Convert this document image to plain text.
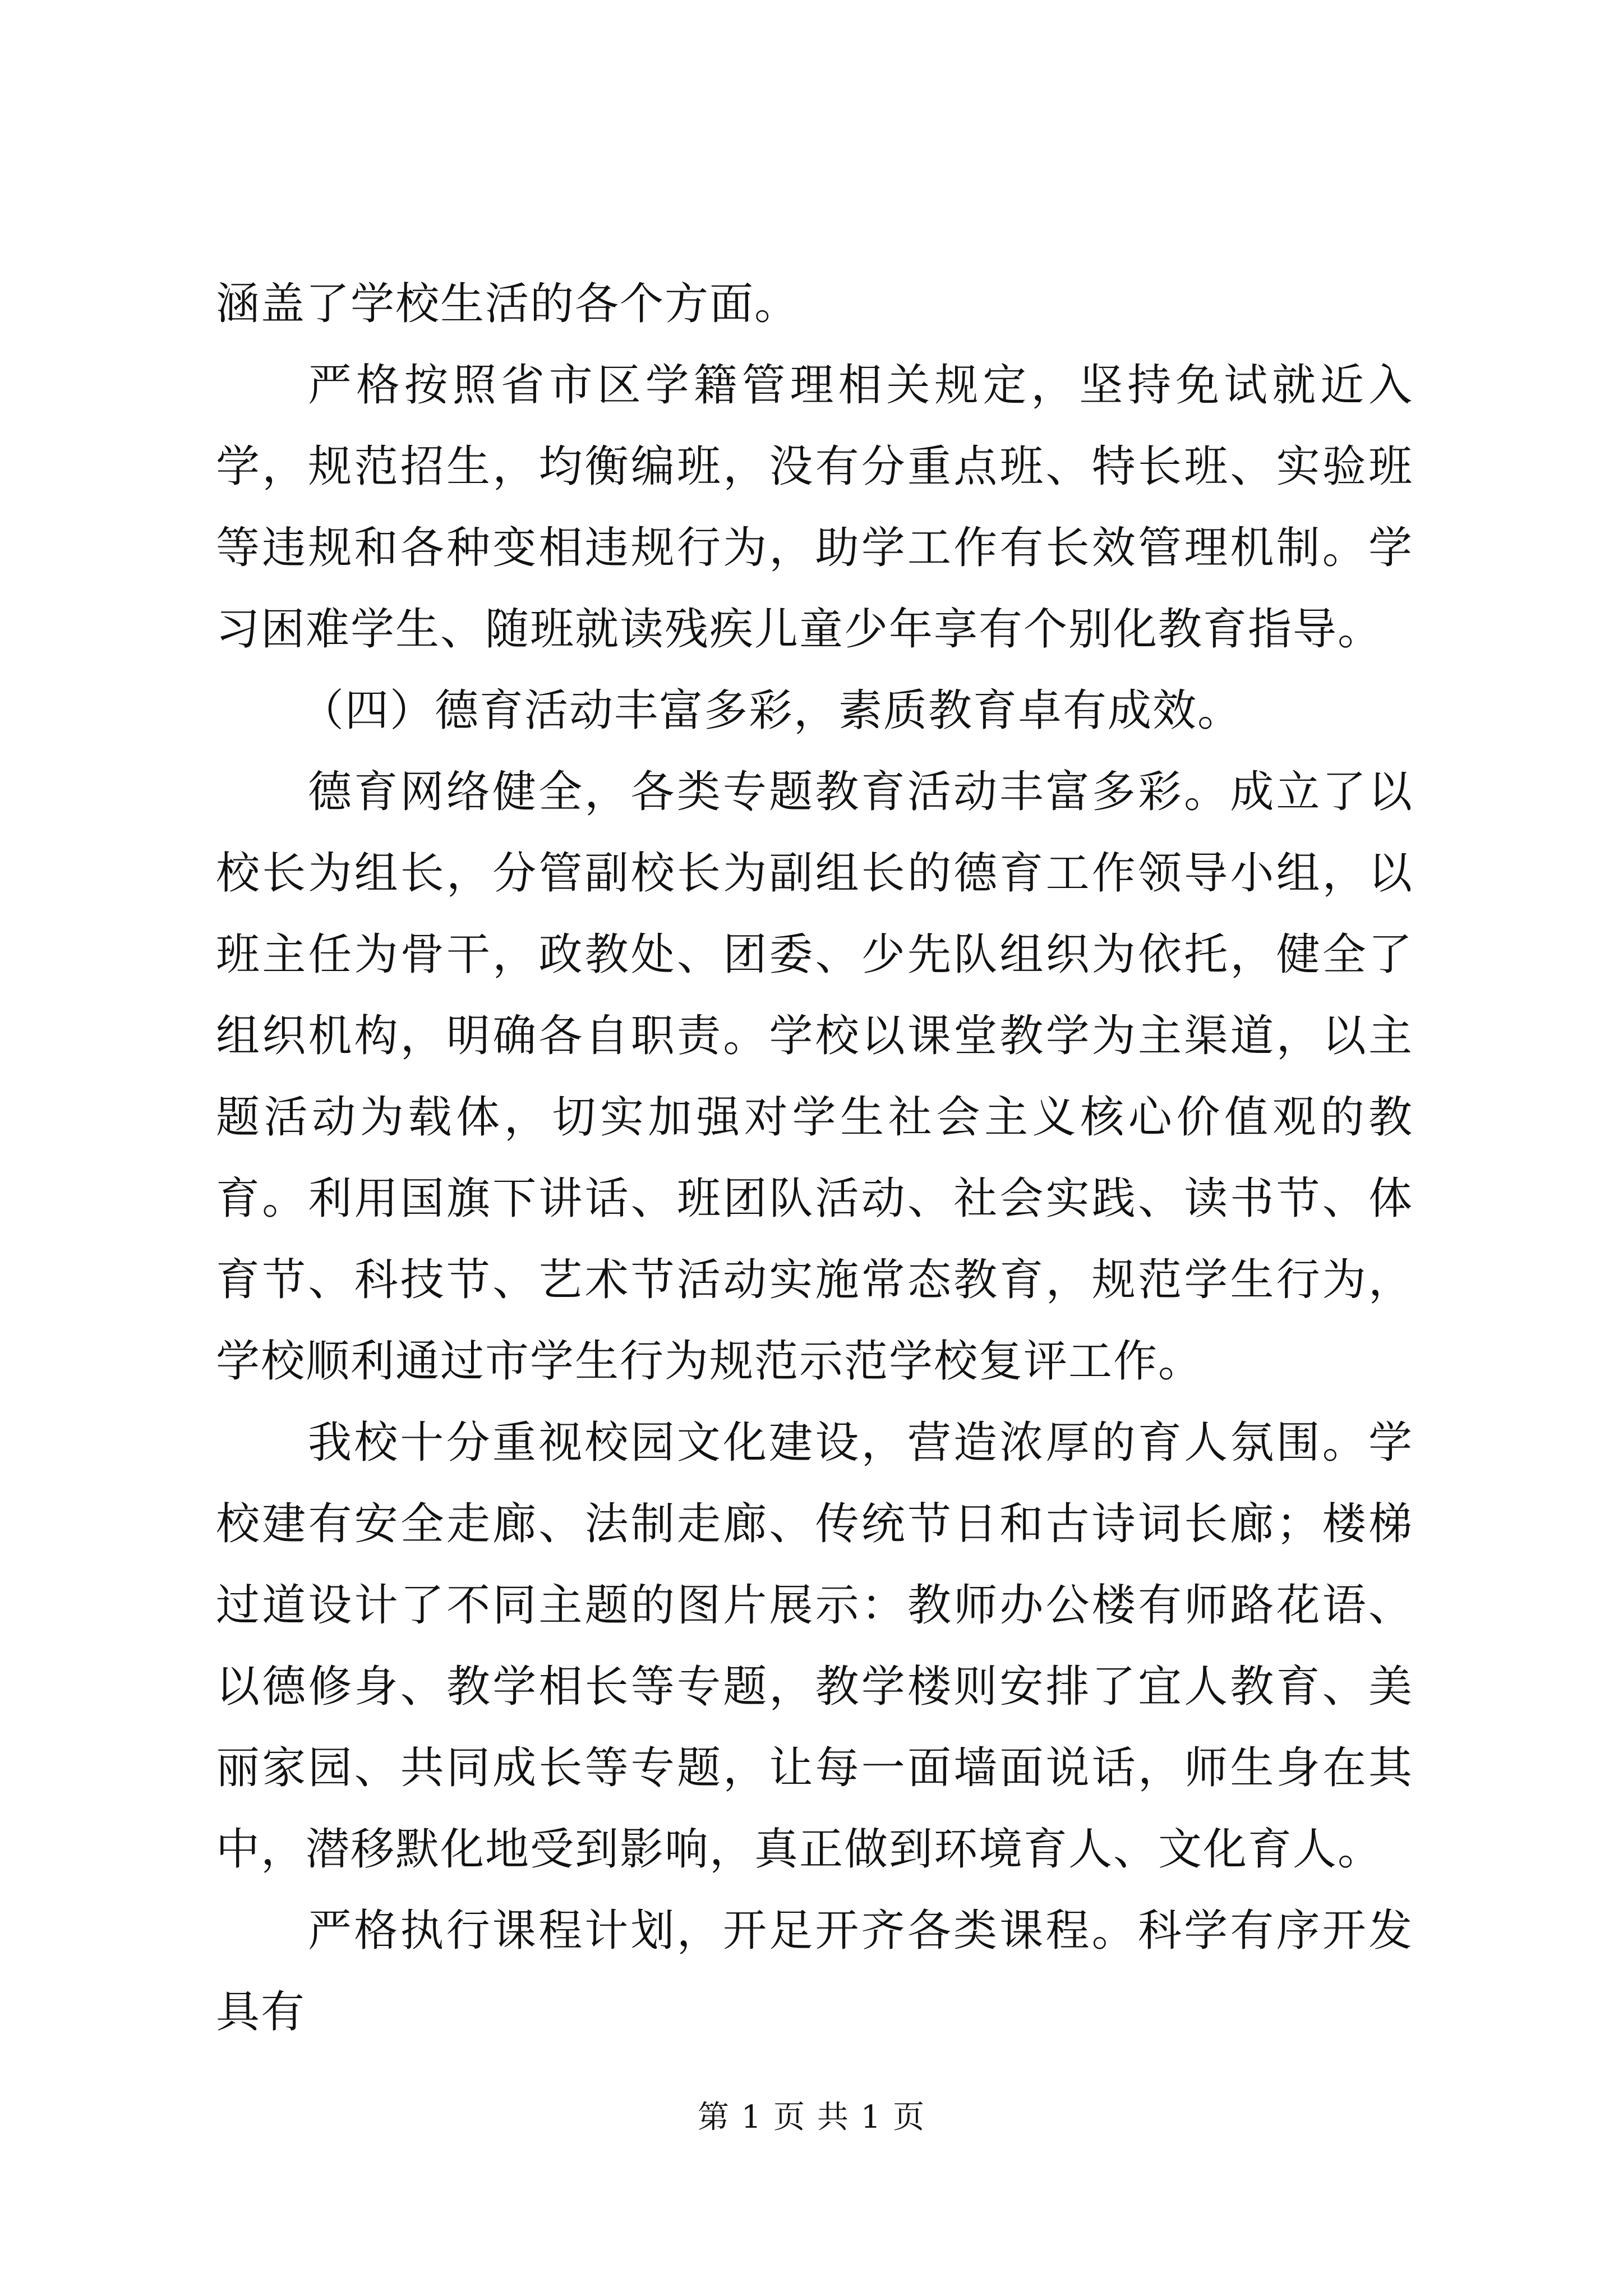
涵盖了学校生活的各个方面。

严格按照省市区学籍管理相关规定，坚持免试就近入学，规范招生，均衡编班，没有分重点班、特长班、实验班等违规和各种变相违规行为，助学工作有长效管理机制。学习困难学生、随班就读残疾儿童少年享有个别化教育指导。

（四）德育活动丰富多彩，素质教育卓有成效。

德育网络健全，各类专题教育活动丰富多彩。成立了以校长为组长，分管副校长为副组长的德育工作领导小组，以班主任为骨干，政教处、团委、少先队组织为依托，健全了组织机构，明确各自职责。学校以课堂教学为主渠道，以主题活动为载体，切实加强对学生社会主义核心价值观的教育。利用国旗下讲话、班团队活动、社会实践、读书节、体育节、科技节、艺术节活动实施常态教育，规范学生行为，学校顺利通过市学生行为规范示范学校复评工作。

我校十分重视校园文化建设，营造浓厚的育人氛围。学校建有安全走廊、法制走廊、传统节日和古诗词长廊；楼梯过道设计了不同主题的图片展示：教师办公楼有师路花语、以德修身、教学相长等专题，教学楼则安排了宜人教育、美丽家园、共同成长等专题，让每一面墙面说话，师生身在其中，潜移默化地受到影响，真正做到环境育人、文化育人。

严格执行课程计划，开足开齐各类课程。科学有序开发具有

第 1 页 共 1 页
